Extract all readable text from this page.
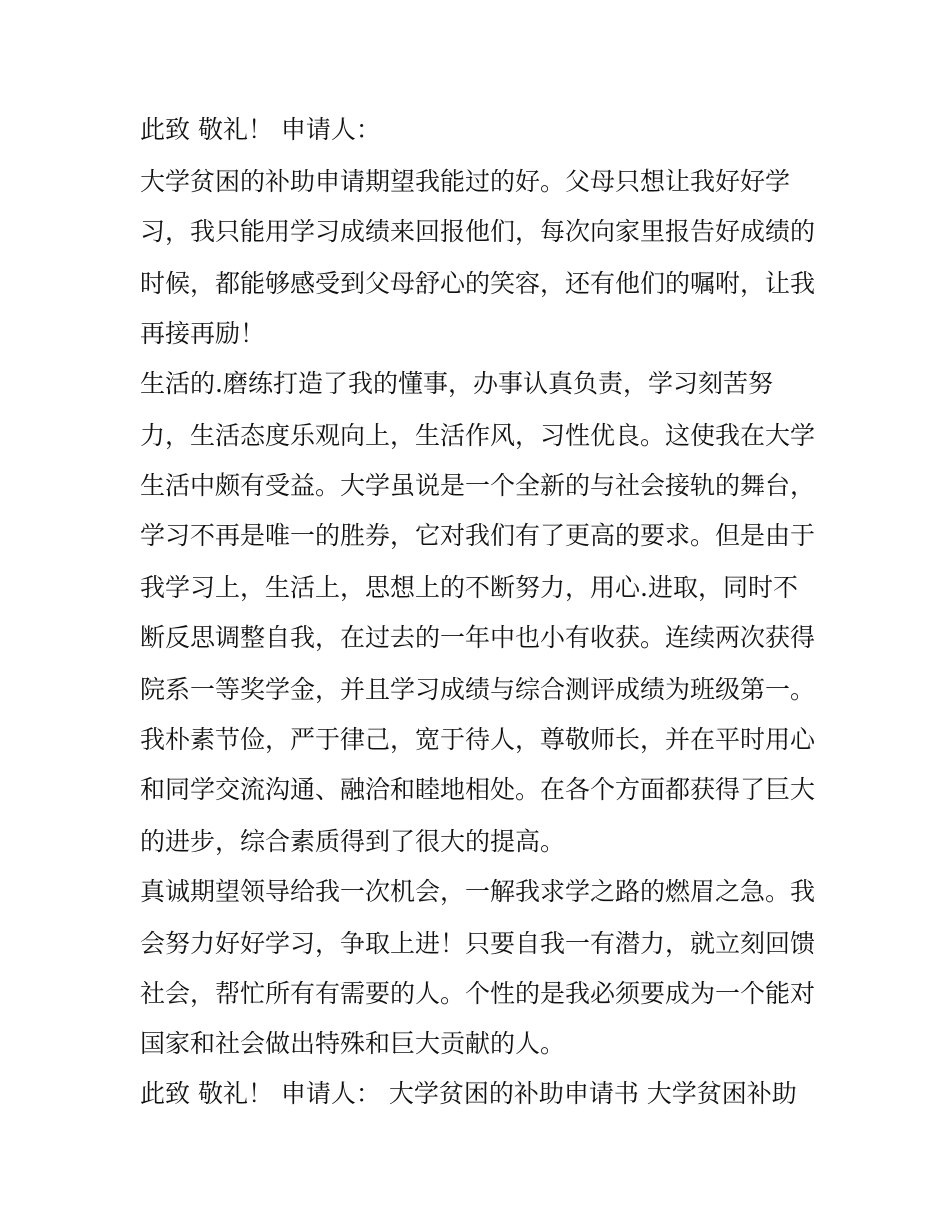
此致 敬礼！ 申请人：
大学贫困的补助申请期望我能过的好。父母只想让我好好学
习，我只能用学习成绩来回报他们，每次向家里报告好成绩的
时候，都能够感受到父母舒心的笑容，还有他们的嘱咐，让我
再接再励！
生活的.磨练打造了我的懂事，办事认真负责，学习刻苦努
力，生活态度乐观向上，生活作风，习性优良。这使我在大学
生活中颇有受益。大学虽说是一个全新的与社会接轨的舞台，
学习不再是唯一的胜券，它对我们有了更高的要求。但是由于
我学习上，生活上，思想上的不断努力，用心.进取，同时不
断反思调整自我，在过去的一年中也小有收获。连续两次获得
院系一等奖学金，并且学习成绩与综合测评成绩为班级第一。
我朴素节俭，严于律己，宽于待人，尊敬师长，并在平时用心
和同学交流沟通、融洽和睦地相处。在各个方面都获得了巨大
的进步，综合素质得到了很大的提高。
真诚期望领导给我一次机会，一解我求学之路的燃眉之急。我
会努力好好学习，争取上进！只要自我一有潜力，就立刻回馈
社会，帮忙所有有需要的人。个性的是我必须要成为一个能对
国家和社会做出特殊和巨大贡献的人。
此致 敬礼！ 申请人： 大学贫困的补助申请书 大学贫困补助
